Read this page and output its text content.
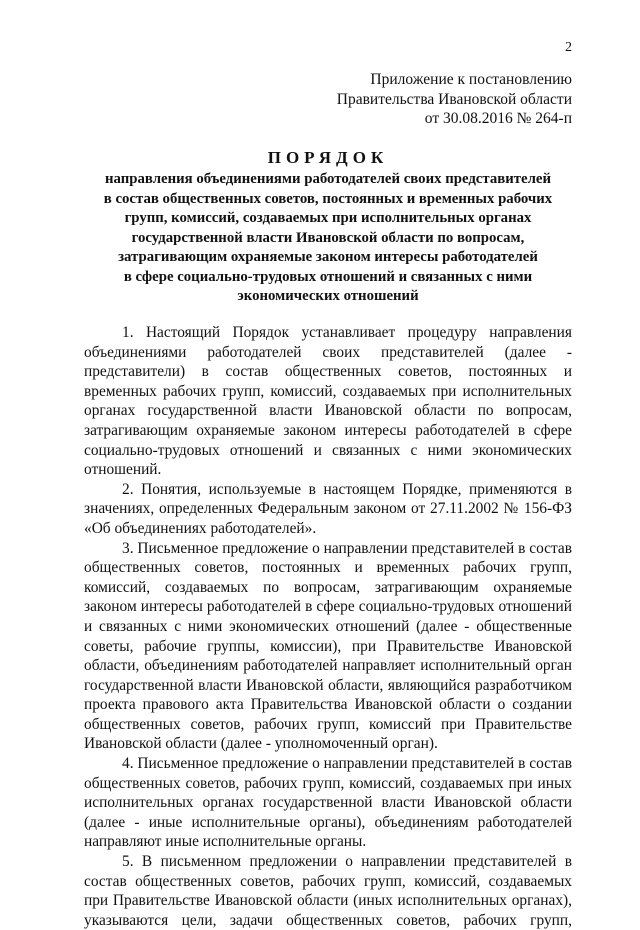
2
Приложение к постановлению
Правительства Ивановской области
от 30.08.2016 № 264-п
ПОРЯДОК
направления объединениями работодателей своих представителей
в состав общественных советов, постоянных и временных рабочих
групп, комиссий, создаваемых при исполнительных органах
государственной власти Ивановской области по вопросам,
затрагивающим охраняемые законом интересы работодателей
в сфере социально-трудовых отношений и связанных с ними
экономических отношений

1. Настоящий Порядок устанавливает процедуру направления объединениями работодателей своих представителей (далее - представители) в состав общественных советов, постоянных и временных рабочих групп, комиссий, создаваемых при исполнительных органах государственной власти Ивановской области по вопросам, затрагивающим охраняемые законом интересы работодателей в сфере социально-трудовых отношений и связанных с ними экономических отношений.

2. Понятия, используемые в настоящем Порядке, применяются в значениях, определенных Федеральным законом от 27.11.2002 № 156-ФЗ «Об объединениях работодателей».

3. Письменное предложение о направлении представителей в состав общественных советов, постоянных и временных рабочих групп, комиссий, создаваемых по вопросам, затрагивающим охраняемые законом интересы работодателей в сфере социально-трудовых отношений и связанных с ними экономических отношений (далее - общественные советы, рабочие группы, комиссии), при Правительстве Ивановской области, объединениям работодателей направляет исполнительный орган государственной власти Ивановской области, являющийся разработчиком проекта правового акта Правительства Ивановской области о создании общественных советов, рабочих групп, комиссий при Правительстве Ивановской области (далее - уполномоченный орган).

4. Письменное предложение о направлении представителей в состав общественных советов, рабочих групп, комиссий, создаваемых при иных исполнительных органах государственной власти Ивановской области (далее - иные исполнительные органы), объединениям работодателей направляют иные исполнительные органы.

5. В письменном предложении о направлении представителей в состав общественных советов, рабочих групп, комиссий, создаваемых при Правительстве Ивановской области (иных исполнительных органах), указываются цели, задачи общественных советов, рабочих групп,
